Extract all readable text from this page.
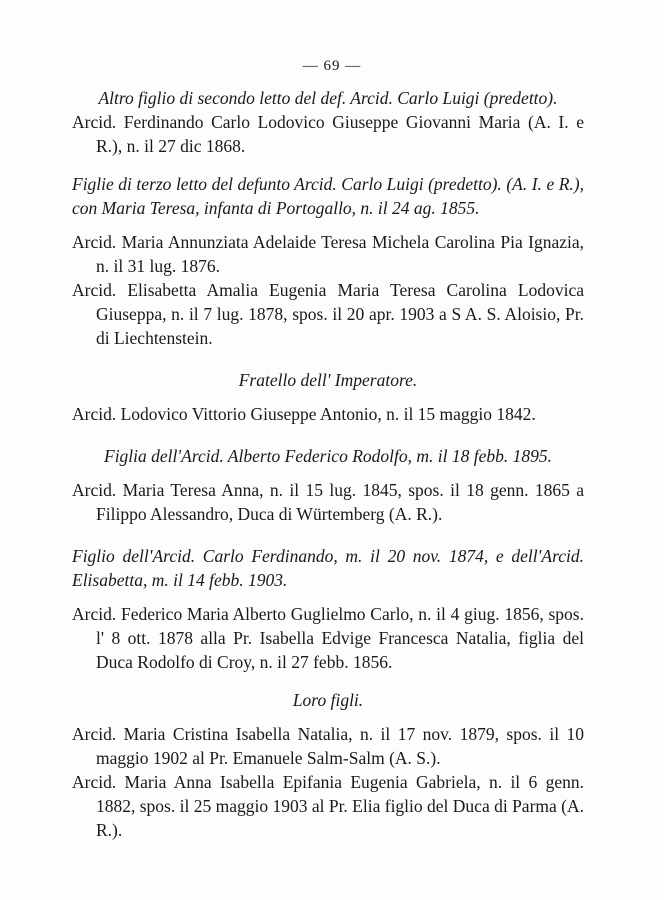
— 69 —
Altro figlio di secondo letto del def. Arcid. Carlo Luigi (predetto).
Arcid. Ferdinando Carlo Lodovico Giuseppe Giovanni Maria (A. I. e R.), n. il 27 dic 1868.
Figlie di terzo letto del defunto Arcid. Carlo Luigi (predetto). (A. I. e R.), con Maria Teresa, infanta di Portogallo, n. il 24 ag. 1855.
Arcid. Maria Annunziata Adelaide Teresa Michela Carolina Pia Ignazia, n. il 31 lug. 1876.
Arcid. Elisabetta Amalia Eugenia Maria Teresa Carolina Lodovica Giuseppa, n. il 7 lug. 1878, spos. il 20 apr. 1903 a S A. S. Aloisio, Pr. di Liechtenstein.
Fratello dell' Imperatore.
Arcid. Lodovico Vittorio Giuseppe Antonio, n. il 15 maggio 1842.
Figlia dell'Arcid. Alberto Federico Rodolfo, m. il 18 febb. 1895.
Arcid. Maria Teresa Anna, n. il 15 lug. 1845, spos. il 18 genn. 1865 a Filippo Alessandro, Duca di Würtemberg (A. R.).
Figlio dell'Arcid. Carlo Ferdinando, m. il 20 nov. 1874, e dell'Arcid. Elisabetta, m. il 14 febb. 1903.
Arcid. Federico Maria Alberto Guglielmo Carlo, n. il 4 giug. 1856, spos. l' 8 ott. 1878 alla Pr. Isabella Edvige Francesca Natalia, figlia del Duca Rodolfo di Croy, n. il 27 febb. 1856.
Loro figli.
Arcid. Maria Cristina Isabella Natalia, n. il 17 nov. 1879, spos. il 10 maggio 1902 al Pr. Emanuele Salm-Salm (A. S.).
Arcid. Maria Anna Isabella Epifania Eugenia Gabriela, n. il 6 genn. 1882, spos. il 25 maggio 1903 al Pr. Elia figlio del Duca di Parma (A. R.).
